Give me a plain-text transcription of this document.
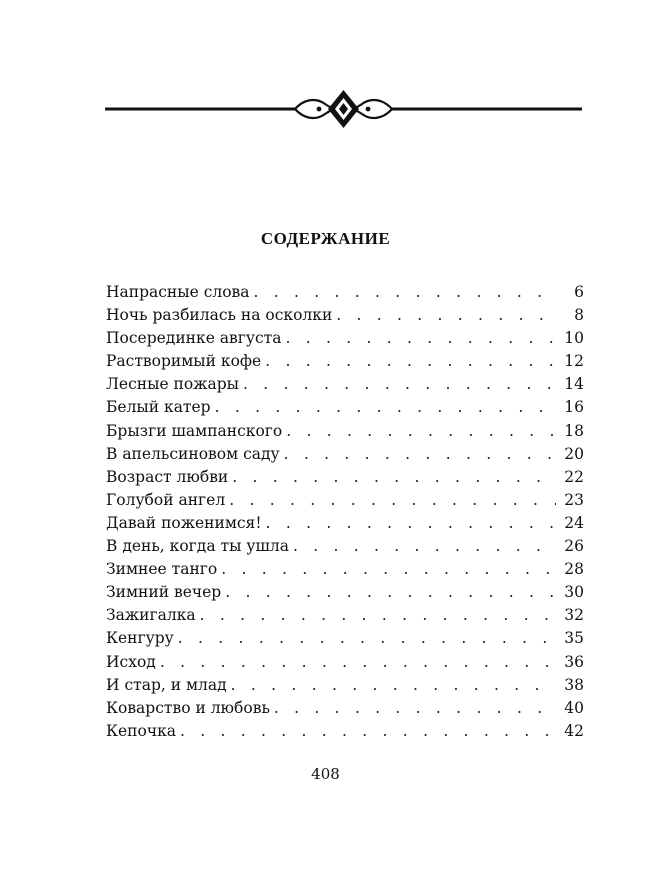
СОДЕРЖАНИЕ
Напрасные слова . . .	6
Ночь разбилась на осколки . . .	8
Посерединке августа . . .	10
Растворимый кофе . . .	12
Лесные пожары . . .	14
Белый катер . . .	16
Брызги шампанского . . .	18
В апельсиновом саду . . .	20
Возраст любви . . .	22
Голубой ангел . . .	23
Давай поженимся! . . .	24
В день, когда ты ушла . . .	26
Зимнее танго . . .	28
Зимний вечер . . .	30
Зажигалка . . .	32
Кенгуру . . .	35
Исход . . .	36
И стар, и млад . . .	38
Коварство и любовь . . .	40
Кепочка . . .	42
408
